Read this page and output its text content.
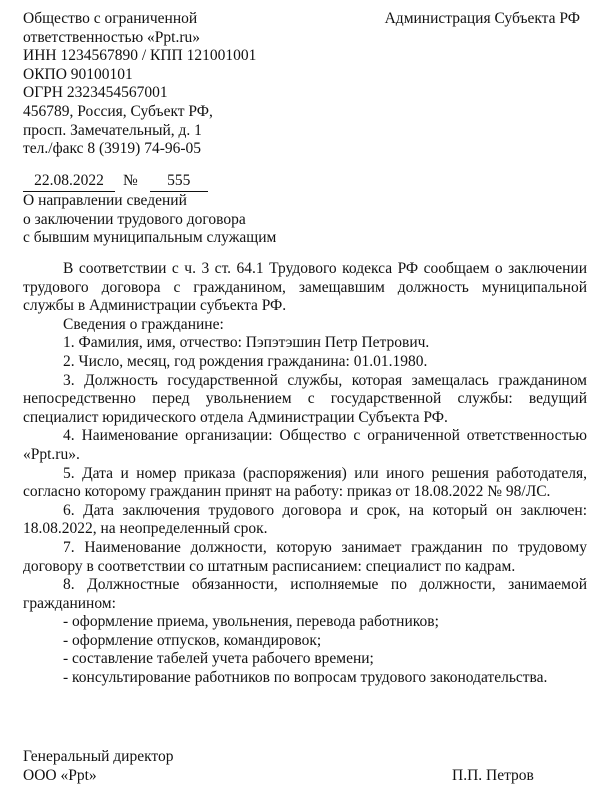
Общество с ограниченной
ответственностью «Ppt.ru»
ИНН 1234567890 / КПП 121001001
ОКПО 90100101
ОГРН 2323454567001
456789, Россия, Субъект РФ,
просп. Замечательный, д. 1
тел./факс 8 (3919) 74-96-05
Администрация Субъекта РФ
22.08.2022 № 555
О направлении сведений
о заключении трудового договора
с бывшим муниципальным служащим

В соответствии с ч. 3 ст. 64.1 Трудового кодекса РФ сообщаем о заключении трудового договора с гражданином, замещавшим должность муниципальной службы в Администрации субъекта РФ.

Сведения о гражданине:

1. Фамилия, имя, отчество: Пэпэтэшин Петр Петрович.

2. Число, месяц, год рождения гражданина: 01.01.1980.

3. Должность государственной службы, которая замещалась гражданином непосредственно перед увольнением с государственной службы: ведущий специалист юридического отдела Администрации Субъекта РФ.

4. Наименование организации: Общество с ограниченной ответственностью «Ppt.ru».

5. Дата и номер приказа (распоряжения) или иного решения работодателя, согласно которому гражданин принят на работу: приказ от 18.08.2022 № 98/ЛС.

6. Дата заключения трудового договора и срок, на который он заключен: 18.08.2022, на неопределенный срок.

7. Наименование должности, которую занимает гражданин по трудовому договору в соответствии со штатным расписанием: специалист по кадрам.

8. Должностные обязанности, исполняемые по должности, занимаемой гражданином:

- оформление приема, увольнения, перевода работников;
- оформление отпусков, командировок;
- составление табелей учета рабочего времени;
- консультирование работников по вопросам трудового законодательства.
Генеральный директор
ООО «Ppt»	П.П. Петров
